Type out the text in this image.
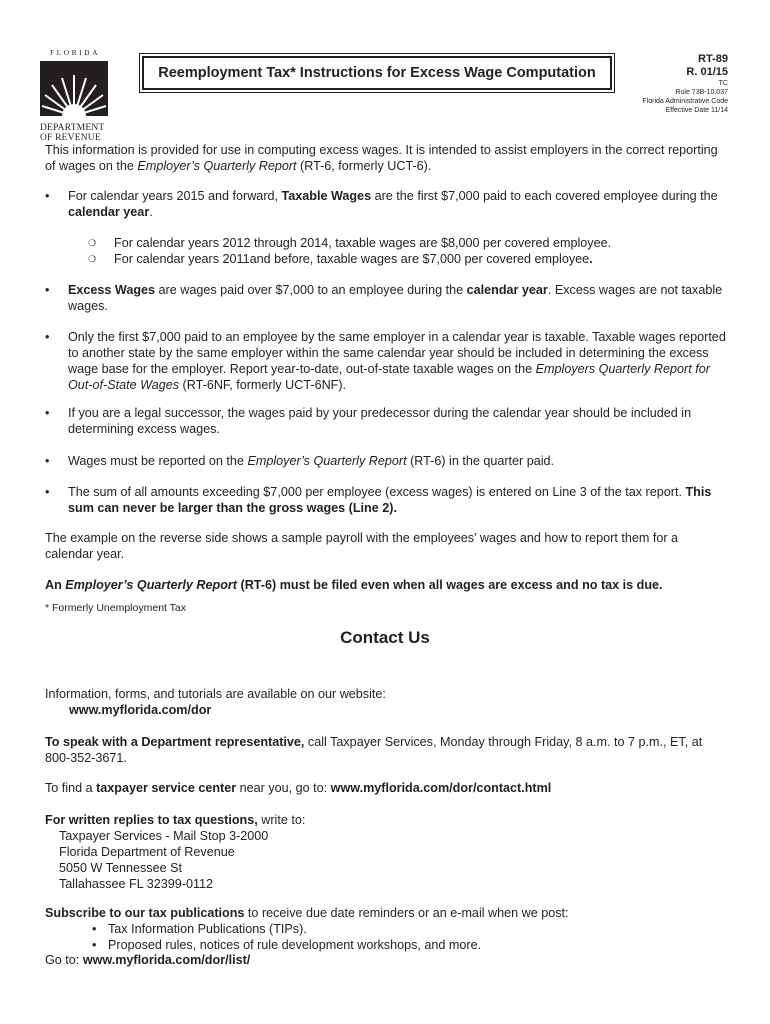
FLORIDA
DEPARTMENT
OF REVENUE
Reemployment Tax* Instructions for Excess Wage Computation
RT-89
R. 01/15
TC
Rule 73B-10.037
Florida Administrative Code
Effective Date 11/14
This information is provided for use in computing excess wages. It is intended to assist employers in the correct reporting of wages on the Employer’s Quarterly Report (RT-6, formerly UCT-6).
• For calendar years 2015 and forward, Taxable Wages are the first $7,000 paid to each covered employee during the calendar year.
❍ For calendar years 2012 through 2014, taxable wages are $8,000 per covered employee.
❍ For calendar years 2011and before, taxable wages are $7,000 per covered employee.
• Excess Wages are wages paid over $7,000 to an employee during the calendar year. Excess wages are not taxable wages.
• Only the first $7,000 paid to an employee by the same employer in a calendar year is taxable. Taxable wages reported to another state by the same employer within the same calendar year should be included in determining the excess wage base for the employer. Report year-to-date, out-of-state taxable wages on the Employers Quarterly Report for Out-of-State Wages (RT-6NF, formerly UCT-6NF).
• If you are a legal successor, the wages paid by your predecessor during the calendar year should be included in determining excess wages.
• Wages must be reported on the Employer’s Quarterly Report (RT-6) in the quarter paid.
• The sum of all amounts exceeding $7,000 per employee (excess wages) is entered on Line 3 of the tax report. This sum can never be larger than the gross wages (Line 2).
The example on the reverse side shows a sample payroll with the employees’ wages and how to report them for a calendar year.
An Employer’s Quarterly Report (RT-6) must be filed even when all wages are excess and no tax is due.
* Formerly Unemployment Tax
Contact Us
Information, forms, and tutorials are available on our website:
www.myflorida.com/dor
To speak with a Department representative, call Taxpayer Services, Monday through Friday, 8 a.m. to 7 p.m., ET, at 800-352-3671.
To find a taxpayer service center near you, go to: www.myflorida.com/dor/contact.html
For written replies to tax questions, write to:
Taxpayer Services - Mail Stop 3-2000
Florida Department of Revenue
5050 W Tennessee St
Tallahassee FL 32399-0112
Subscribe to our tax publications to receive due date reminders or an e-mail when we post:
• Tax Information Publications (TIPs).
• Proposed rules, notices of rule development workshops, and more.
Go to: www.myflorida.com/dor/list/
